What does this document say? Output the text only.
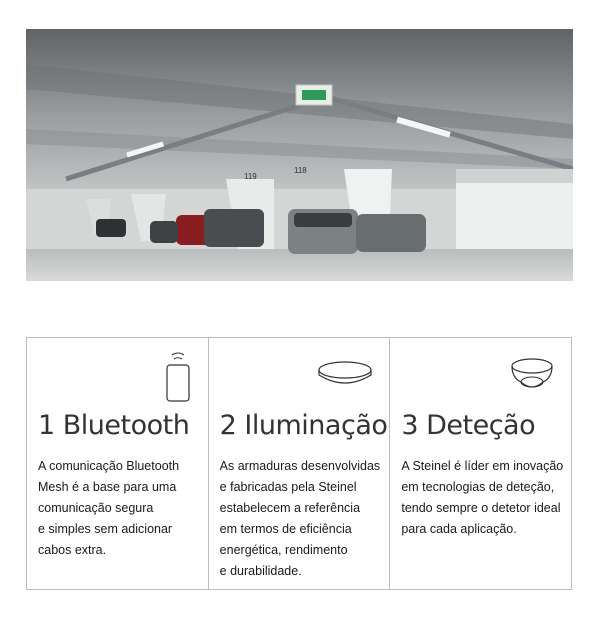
119
118
1 Bluetooth
A comunicação Bluetooth
Mesh é a base para uma
comunicação segura
e simples sem adicionar
cabos extra.
2 Iluminação
As armaduras desenvolvidas
e fabricadas pela Steinel
estabelecem a referência
em termos de eficiência
energética, rendimento
e durabilidade.
3 Deteção
A Steinel é líder em inovação
em tecnologias de deteção,
tendo sempre o detetor ideal
para cada aplicação.
